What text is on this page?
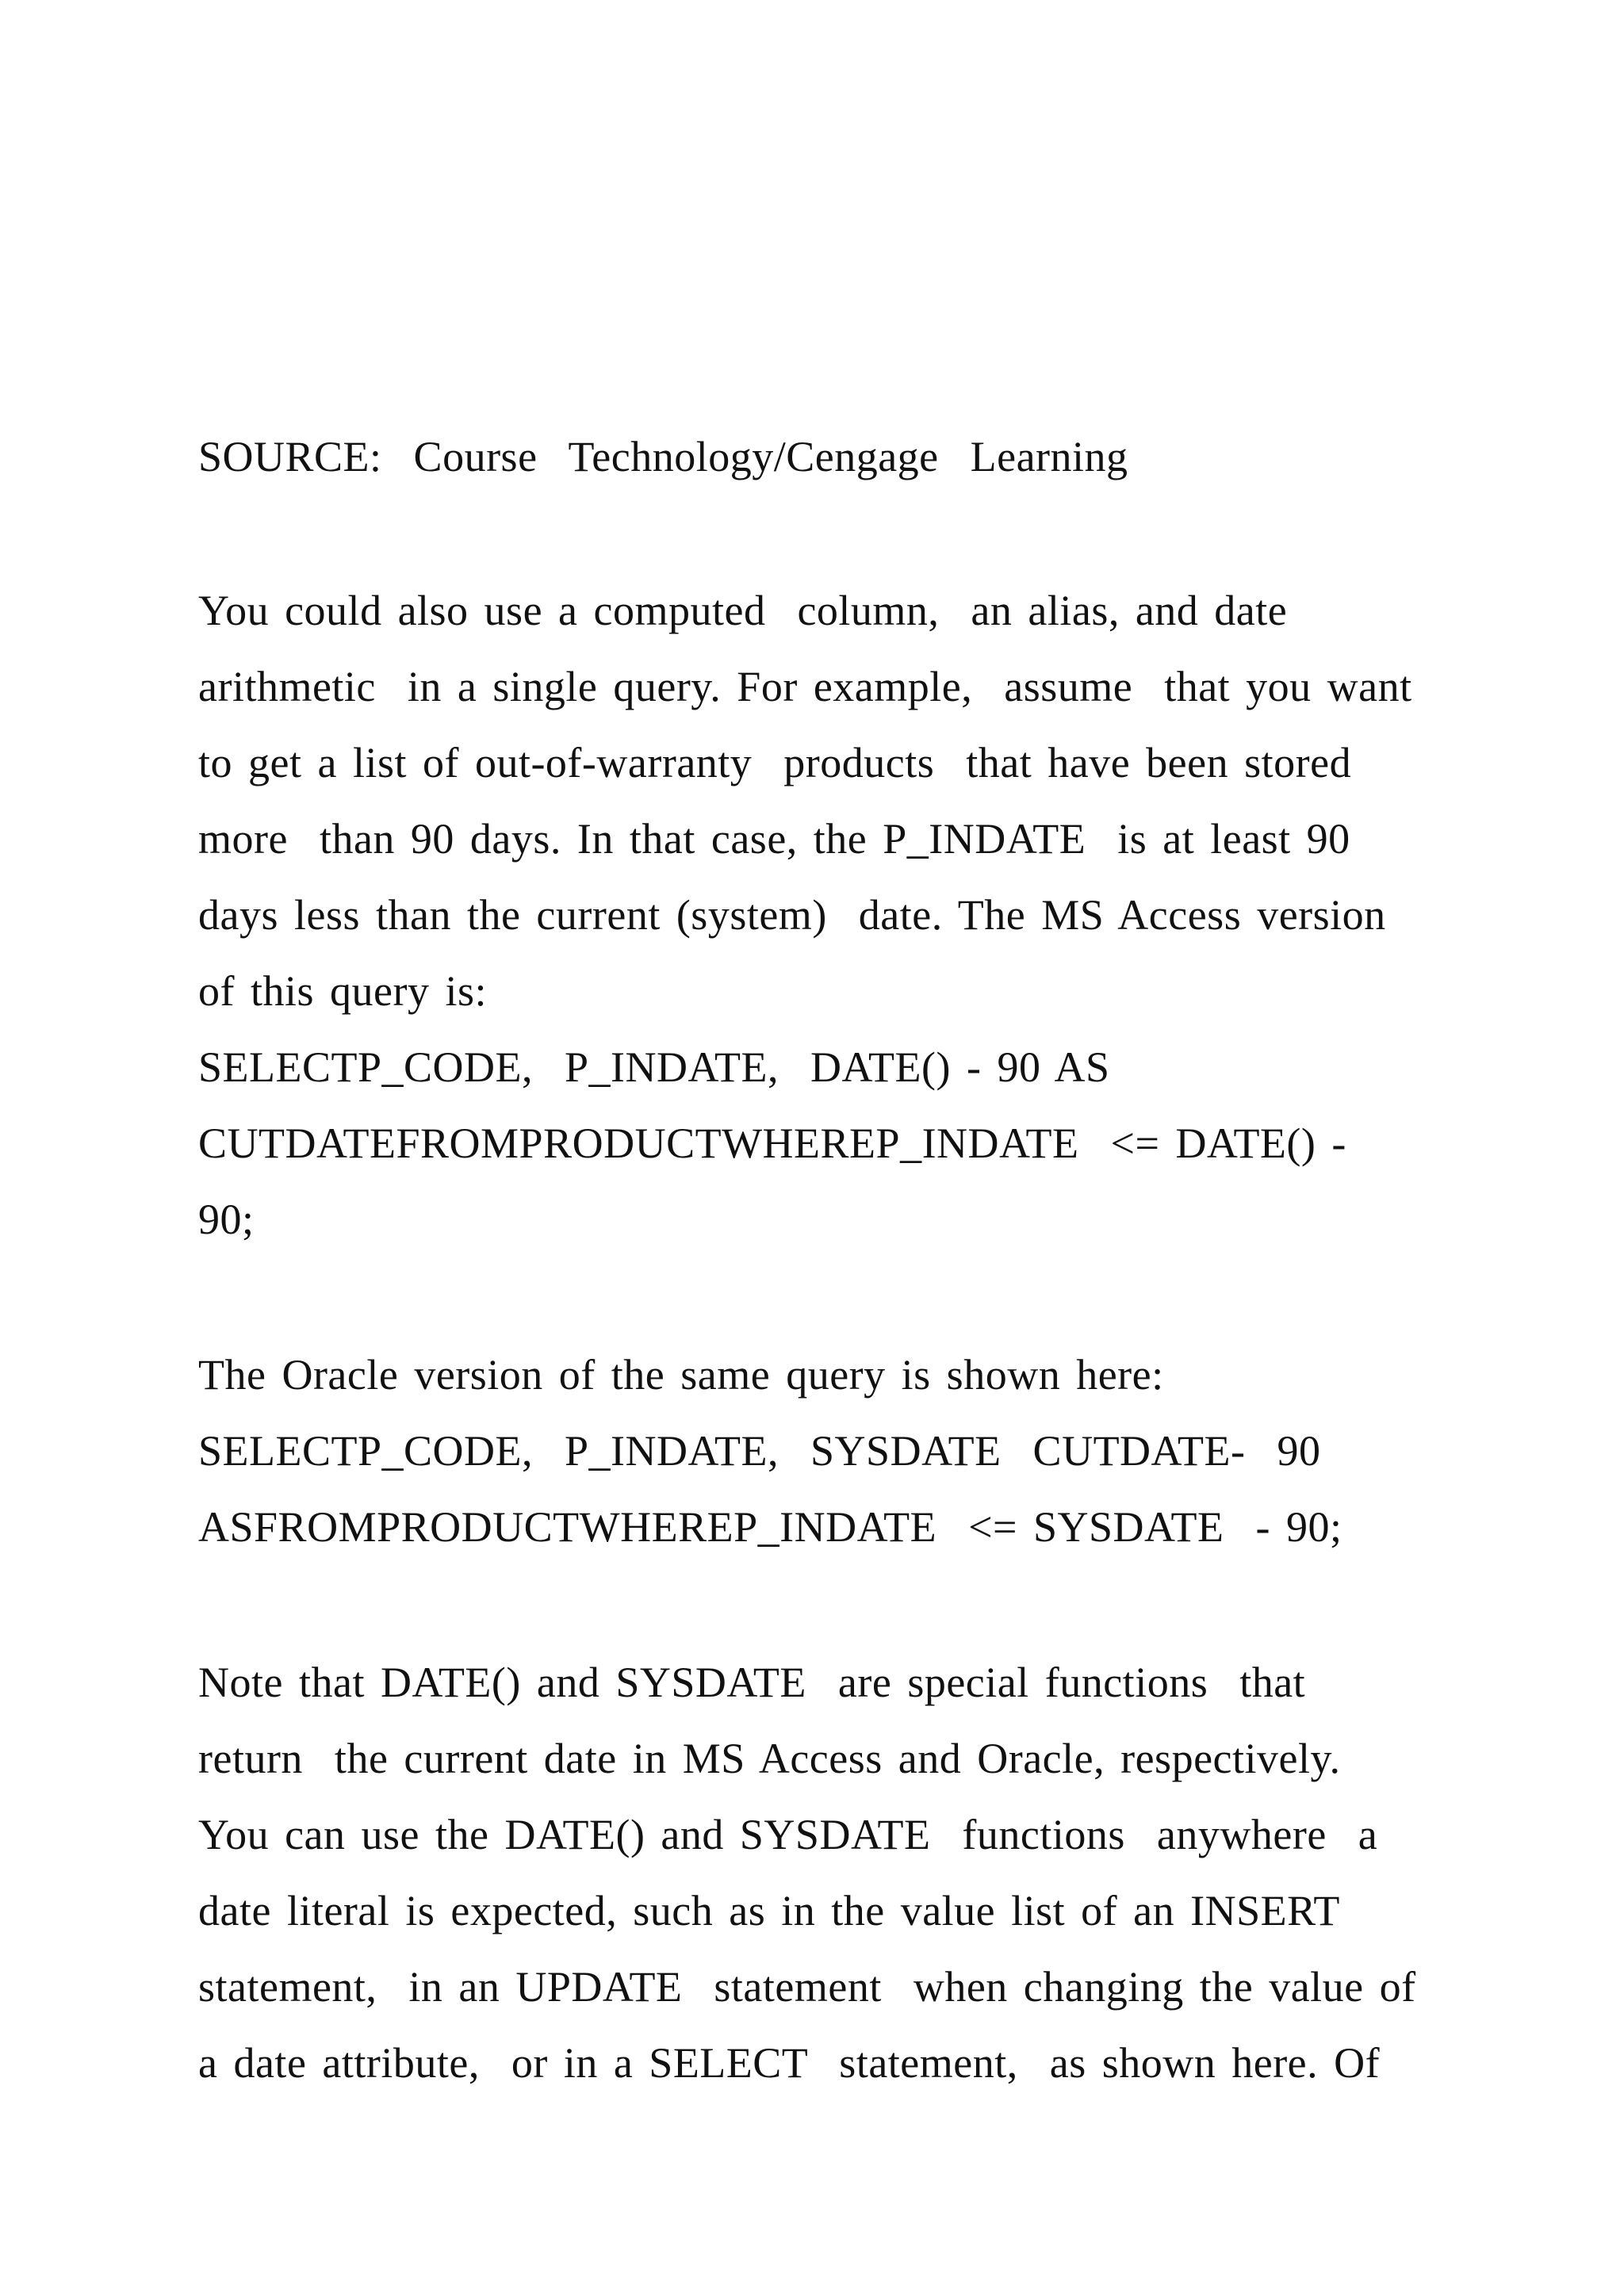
SOURCE:  Course  Technology/Cengage  Learning

You could also use a computed  column,  an alias, and date

arithmetic  in a single query. For example,  assume  that you want

to get a list of out-of-warranty  products  that have been stored

more  than 90 days. In that case, the P_INDATE  is at least 90

days less than the current (system)  date. The MS Access version

of this query is:

SELECTP_CODE,  P_INDATE,  DATE() - 90 AS

CUTDATEFROMPRODUCTWHEREP_INDATE  <= DATE() -

90;

The Oracle version of the same query is shown here:

SELECTP_CODE,  P_INDATE,  SYSDATE  CUTDATE-  90

ASFROMPRODUCTWHEREP_INDATE  <= SYSDATE  - 90;

Note that DATE() and SYSDATE  are special functions  that

return  the current date in MS Access and Oracle, respectively.

You can use the DATE() and SYSDATE  functions  anywhere  a

date literal is expected, such as in the value list of an INSERT

statement,  in an UPDATE  statement  when changing the value of

a date attribute,  or in a SELECT  statement,  as shown here. Of
